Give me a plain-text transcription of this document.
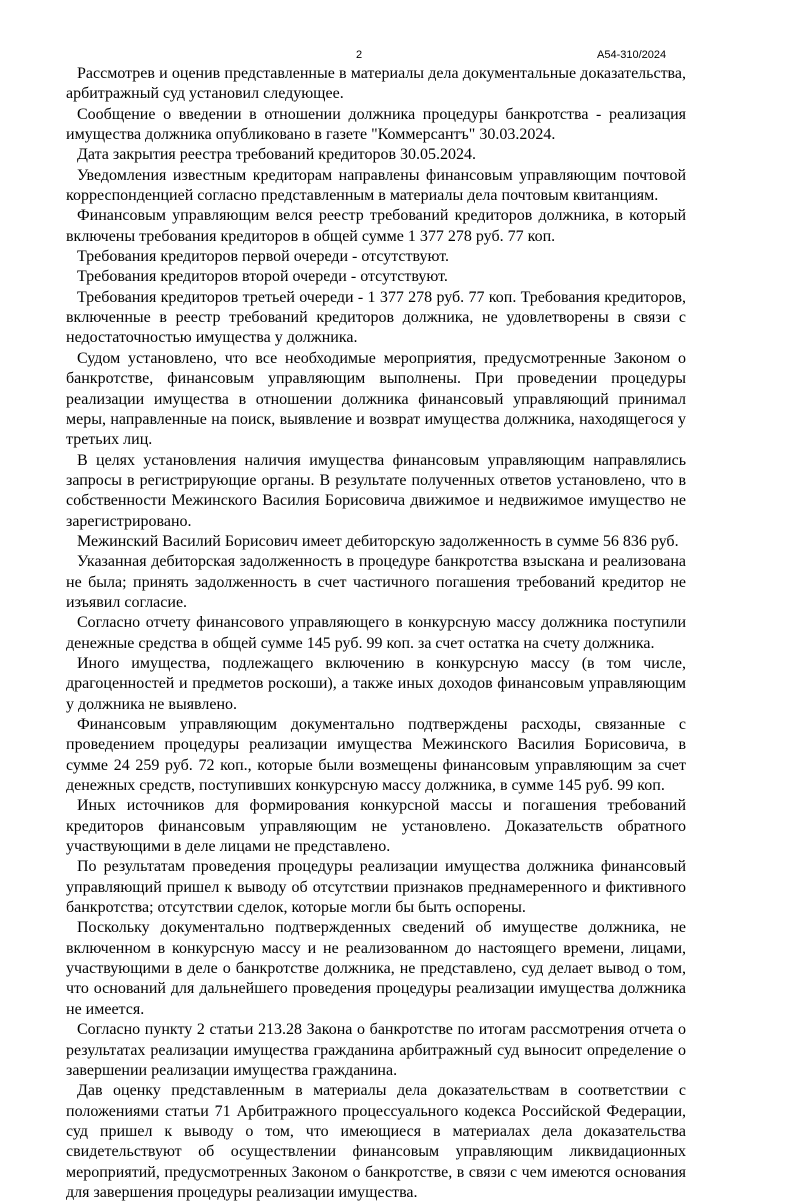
2	А54-310/2024

Рассмотрев и оценив представленные в материалы дела документальные доказательства, арбитражный суд установил следующее.

Сообщение о введении в отношении должника процедуры банкротства - реализация имущества должника опубликовано в газете "Коммерсантъ" 30.03.2024.

Дата закрытия реестра требований кредиторов 30.05.2024.

Уведомления известным кредиторам направлены финансовым управляющим почтовой корреспонденцией согласно представленным в материалы дела почтовым квитанциям.

Финансовым управляющим велся реестр требований кредиторов должника, в который включены требования кредиторов в общей сумме 1 377 278 руб. 77 коп.

Требования кредиторов первой очереди - отсутствуют.

Требования кредиторов второй очереди - отсутствуют.

Требования кредиторов третьей очереди - 1 377 278 руб. 77 коп. Требования кредиторов, включенные в реестр требований кредиторов должника, не удовлетворены в связи с недостаточностью имущества у должника.

Судом установлено, что все необходимые мероприятия, предусмотренные Законом о банкротстве, финансовым управляющим выполнены. При проведении процедуры реализации имущества в отношении должника финансовый управляющий принимал меры, направленные на поиск, выявление и возврат имущества должника, находящегося у третьих лиц.

В целях установления наличия имущества финансовым управляющим направлялись запросы в регистрирующие органы. В результате полученных ответов установлено, что в собственности Межинского Василия Борисовича движимое и недвижимое имущество не зарегистрировано.

Межинский Василий Борисович имеет дебиторскую задолженность в сумме 56 836 руб.

Указанная дебиторская задолженность в процедуре банкротства взыскана и реализована не была; принять задолженность в счет частичного погашения требований кредитор не изъявил согласие.

Согласно отчету финансового управляющего в конкурсную массу должника поступили денежные средства в общей сумме 145 руб. 99 коп. за счет остатка на счету должника.

Иного имущества, подлежащего включению в конкурсную массу (в том числе, драгоценностей и предметов роскоши), а также иных доходов финансовым управляющим у должника не выявлено.

Финансовым управляющим документально подтверждены расходы, связанные с проведением процедуры реализации имущества Межинского Василия Борисовича, в сумме 24 259 руб. 72 коп., которые были возмещены финансовым управляющим за счет денежных средств, поступивших конкурсную массу должника, в сумме 145 руб. 99 коп.

Иных источников для формирования конкурсной массы и погашения требований кредиторов финансовым управляющим не установлено. Доказательств обратного участвующими в деле лицами не представлено.

По результатам проведения процедуры реализации имущества должника финансовый управляющий пришел к выводу об отсутствии признаков преднамеренного и фиктивного банкротства; отсутствии сделок, которые могли бы быть оспорены.

Поскольку документально подтвержденных сведений об имуществе должника, не включенном в конкурсную массу и не реализованном до настоящего времени, лицами, участвующими в деле о банкротстве должника, не представлено, суд делает вывод о том, что оснований для дальнейшего проведения процедуры реализации имущества должника не имеется.

Согласно пункту 2 статьи 213.28 Закона о банкротстве по итогам рассмотрения отчета о результатах реализации имущества гражданина арбитражный суд выносит определение о завершении реализации имущества гражданина.

Дав оценку представленным в материалы дела доказательствам в соответствии с положениями статьи 71 Арбитражного процессуального кодекса Российской Федерации, суд пришел к выводу о том, что имеющиеся в материалах дела доказательства свидетельствуют об осуществлении финансовым управляющим ликвидационных мероприятий, предусмотренных Законом о банкротстве, в связи с чем имеются основания для завершения процедуры реализации имущества.
